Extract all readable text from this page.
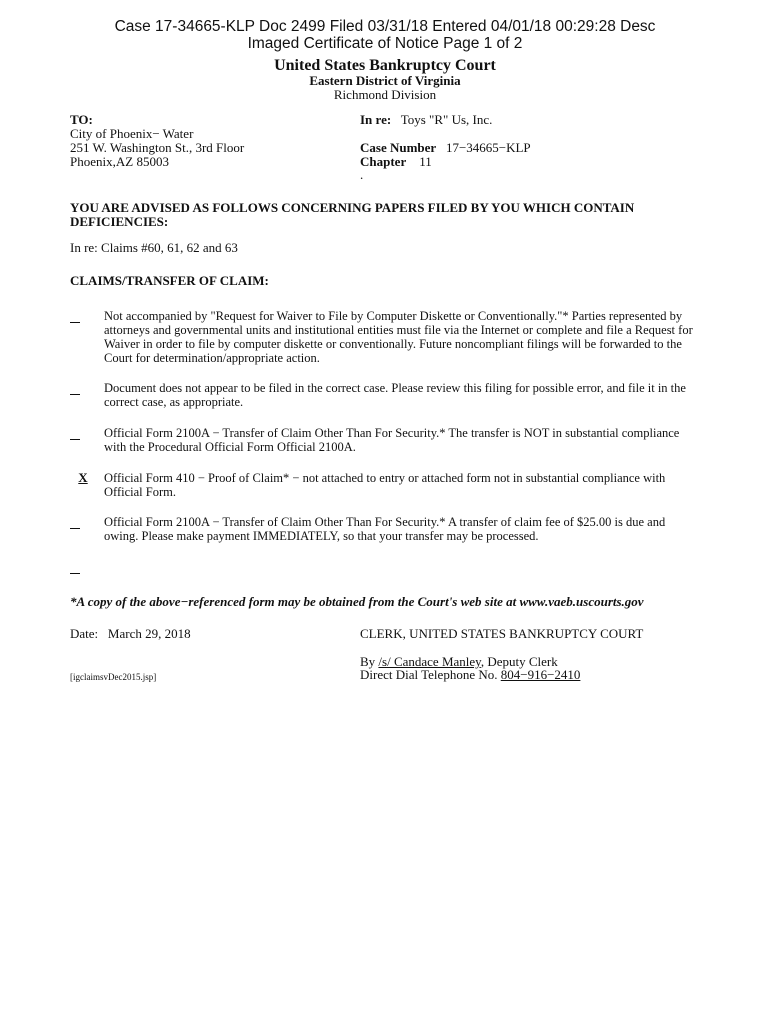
Case 17-34665-KLP Doc 2499 Filed 03/31/18 Entered 04/01/18 00:29:28 Desc
Imaged Certificate of Notice Page 1 of 2
United States Bankruptcy Court
Eastern District of Virginia
Richmond Division
TO:
City of Phoenix− Water
251 W. Washington St., 3rd Floor
Phoenix,AZ 85003
In re: Toys "R" Us, Inc.
Case Number 17−34665−KLP
Chapter 11
.
YOU ARE ADVISED AS FOLLOWS CONCERNING PAPERS FILED BY YOU WHICH CONTAIN DEFICIENCIES:
In re: Claims #60, 61, 62 and 63
CLAIMS/TRANSFER OF CLAIM:
Not accompanied by "Request for Waiver to File by Computer Diskette or Conventionally."* Parties represented by attorneys and governmental units and institutional entities must file via the Internet or complete and file a Request for Waiver in order to file by computer diskette or conventionally. Future noncompliant filings will be forwarded to the Court for determination/appropriate action.
Document does not appear to be filed in the correct case. Please review this filing for possible error, and file it in the correct case, as appropriate.
Official Form 2100A − Transfer of Claim Other Than For Security.* The transfer is NOT in substantial compliance with the Procedural Official Form Official 2100A.
X	Official Form 410 − Proof of Claim* − not attached to entry or attached form not in substantial compliance with Official Form.
Official Form 2100A − Transfer of Claim Other Than For Security.* A transfer of claim fee of $25.00 is due and owing. Please make payment IMMEDIATELY, so that your transfer may be processed.
*A copy of the above−referenced form may be obtained from the Court's web site at www.vaeb.uscourts.gov
Date: March 29, 2018	CLERK, UNITED STATES BANKRUPTCY COURT
By /s/ Candace Manley, Deputy Clerk
Direct Dial Telephone No. 804−916−2410
[igclaimsvDec2015.jsp]
